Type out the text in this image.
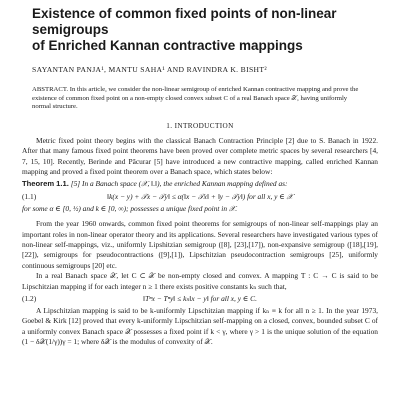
Existence of common fixed points of non-linear semigroups
of Enriched Kannan contractive mappings
SAYANTAN PANJA¹, MANTU SAHA¹ AND RAVINDRA K. BISHT²
ABSTRACT. In this article, we consider the non-linear semigroup of enriched Kannan contractive mapping and prove the existence of common fixed point on a non-empty closed convex subset C of a real Banach space 𝒳, having uniformly normal structure.
1. INTRODUCTION

Metric fixed point theory begins with the classical Banach Contraction Principle [2] due to S. Banach in 1922. After that many famous fixed point theorems have been proved over complete metric spaces by several researchers [4, 7, 15, 10]. Recently, Berinde and Păcurar [5] have introduced a new contractive mapping, called enriched Kannan mapping and proved a fixed point theorem over a Banach space, which states below:

Theorem 1.1. [5] In a Banach space (𝒳, ‖.‖), the enriched Kannan mapping defined as:
(1.1)	‖k(x − y) + 𝒯x − 𝒯y‖ ≤ α(‖x − 𝒯x‖ + ‖y − 𝒯y‖) for all x, y ∈ 𝒳

for some α ∈ [0, ½) and k ∈ [0, ∞); possesses a unique fixed point in 𝒳.

From the year 1960 onwards, common fixed point theorems for semigroups of non-linear self-mappings play an important roles in non-linear operator theory and its applications. Several researchers have investigated various types of non-linear self-mappings, viz., uniformly Lipshitzian semigroup ([8], [23],[17]), non-expansive semigroup ([18],[19], [22]), semigroups for pseudocontractions ([9],[1]), Lipschitzian pseudocontraction semigroups [25], uniformly continuous semigroups [20] etc.

In a real Banach space 𝒳, let C ⊂ 𝒳 be non-empty closed and convex. A mapping T : C → C is said to be Lipschitzian mapping if for each integer n ≥ 1 there exists positive constants kₙ such that,

(1.2)	‖Tⁿx − Tⁿy‖ ≤ kₙ‖x − y‖ for all x, y ∈ C.

A Lipschitzian mapping is said to be k-uniformly Lipschitzian mapping if kₙ ≡ k for all n ≥ 1. In the year 1973, Goebel & Kirk [12] proved that every k-uniformly Lipschitzian self-mapping on a closed, convex, bounded subset C of a uniformly convex Banach space 𝒳 possesses a fixed point if k < γ, where γ > 1 is the unique solution of the equation (1 − δ𝒳(1/γ))γ = 1; where δ𝒳 is the modulus of convexity of 𝒳.
